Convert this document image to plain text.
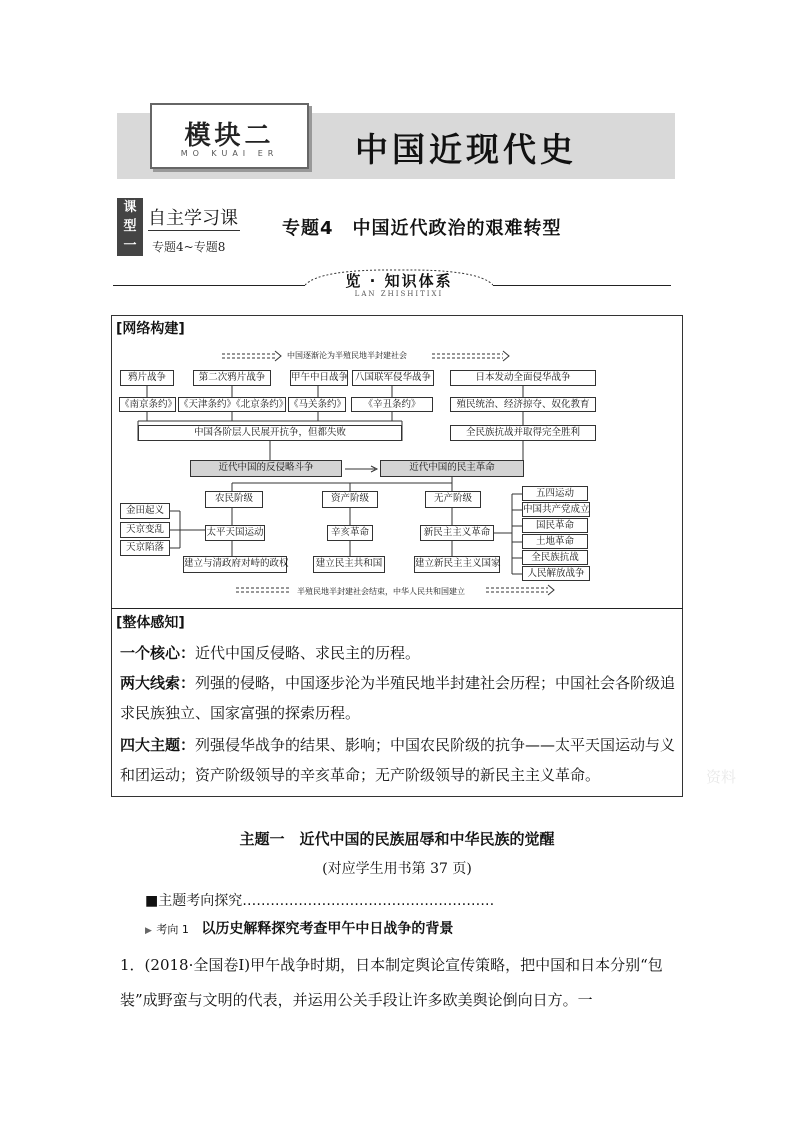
模块二
MO KUAI ER	中国近现代史
课
型
一
自主学习课
专题4~专题8
专题4　中国近代政治的艰难转型
览 · 知识体系
LAN ZHISHITIXI
[网络构建]
中国逐渐沦为半殖民地半封建社会
鸦片战争	第二次鸦片战争	甲午中日战争 八国联军侵华战争	日本发动全面侵华战争
《南京条约》 《天津条约》《北京条约》 《马关条约》	《辛丑条约》	殖民统治、经济掠夺、奴化教育
中国各阶层人民展开抗争，但都失败	全民族抗战并取得完全胜利
近代中国的反侵略斗争	近代中国的民主革命
农民阶级	资产阶级	无产阶级
金田起义
天京变乱
天京陷落
太平天国运动	辛亥革命	新民主主义革命
建立与清政府对峙的政权	建立民主共和国	建立新民主主义国家
五四运动
中国共产党成立
国民革命
土地革命
全民族抗战
人民解放战争
半殖民地半封建社会结束，中华人民共和国建立
[整体感知]
一个核心：近代中国反侵略、求民主的历程。
两大线索：列强的侵略，中国逐步沦为半殖民地半封建社会历程；中国社会各阶级追求民族独立、国家富强的探索历程。
四大主题：列强侵华战争的结果、影响；中国农民阶级的抗争——太平天国运动与义和团运动；资产阶级领导的辛亥革命；无产阶级领导的新民主主义革命。	资料
主题一　近代中国的民族屈辱和中华民族的觉醒
(对应学生用书第 37 页)
■主题考向探究………………………………………………
▶ 考向 1 以历史解释探究考查甲午中日战争的背景
1．(2018·全国卷Ⅰ)甲午战争时期，日本制定舆论宣传策略，把中国和日本分别“包装”成野蛮与文明的代表，并运用公关手段让许多欧美舆论倒向日方。一
